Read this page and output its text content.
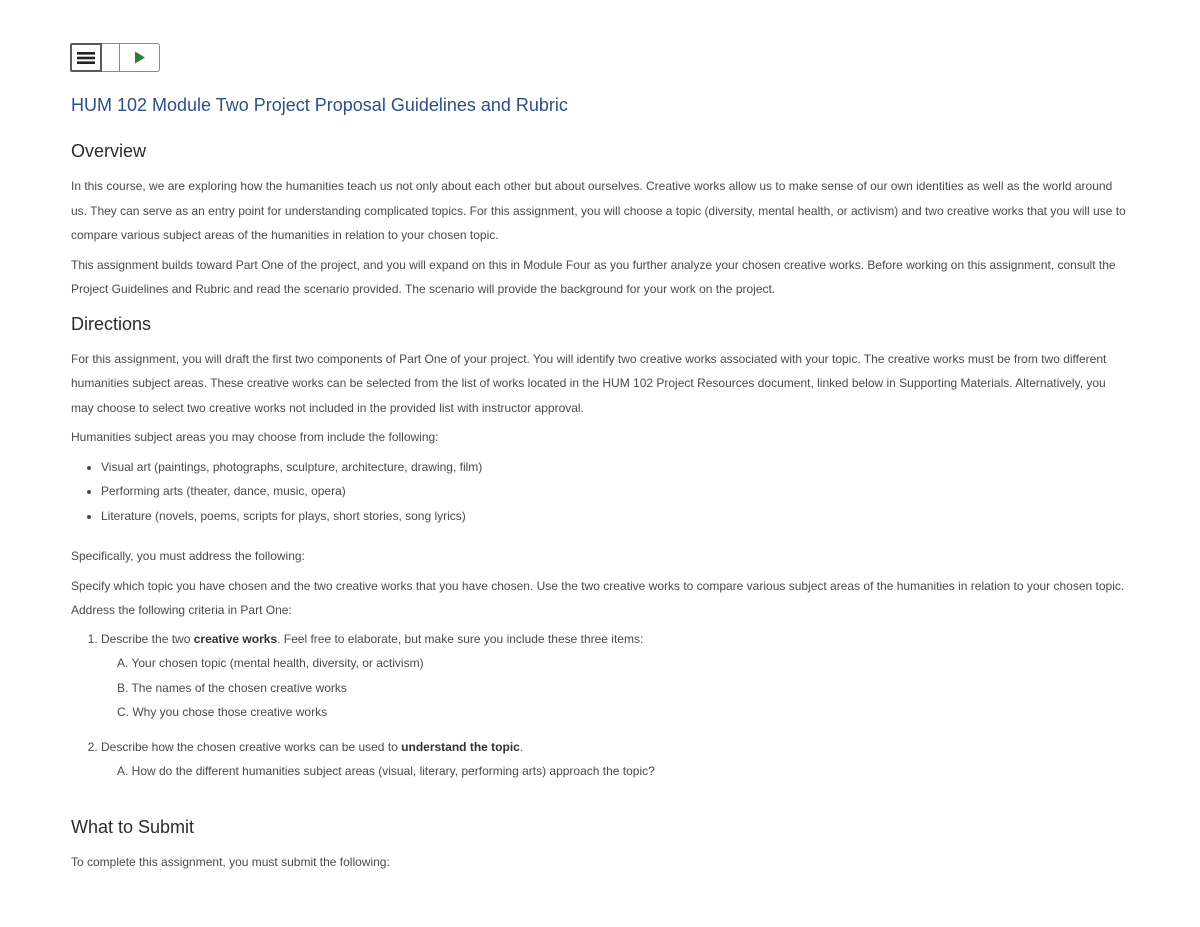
HUM 102 Module Two Project Proposal Guidelines and Rubric
Overview

In this course, we are exploring how the humanities teach us not only about each other but about ourselves. Creative works allow us to make sense of our own identities as well as the world around us. They can serve as an entry point for understanding complicated topics. For this assignment, you will choose a topic (diversity, mental health, or activism) and two creative works that you will use to compare various subject areas of the humanities in relation to your chosen topic.

This assignment builds toward Part One of the project, and you will expand on this in Module Four as you further analyze your chosen creative works. Before working on this assignment, consult the Project Guidelines and Rubric and read the scenario provided. The scenario will provide the background for your work on the project.

Directions

For this assignment, you will draft the first two components of Part One of your project. You will identify two creative works associated with your topic. The creative works must be from two different humanities subject areas. These creative works can be selected from the list of works located in the HUM 102 Project Resources document, linked below in Supporting Materials. Alternatively, you may choose to select two creative works not included in the provided list with instructor approval.

Humanities subject areas you may choose from include the following:

• Visual art (paintings, photographs, sculpture, architecture, drawing, film)
• Performing arts (theater, dance, music, opera)
• Literature (novels, poems, scripts for plays, short stories, song lyrics)

Specifically, you must address the following:

Specify which topic you have chosen and the two creative works that you have chosen. Use the two creative works to compare various subject areas of the humanities in relation to your chosen topic. Address the following criteria in Part One:

1. Describe the two creative works. Feel free to elaborate, but make sure you include these three items:
A. Your chosen topic (mental health, diversity, or activism)
B. The names of the chosen creative works
C. Why you chose those creative works
2. Describe how the chosen creative works can be used to understand the topic.
A. How do the different humanities subject areas (visual, literary, performing arts) approach the topic?
What to Submit

To complete this assignment, you must submit the following:
